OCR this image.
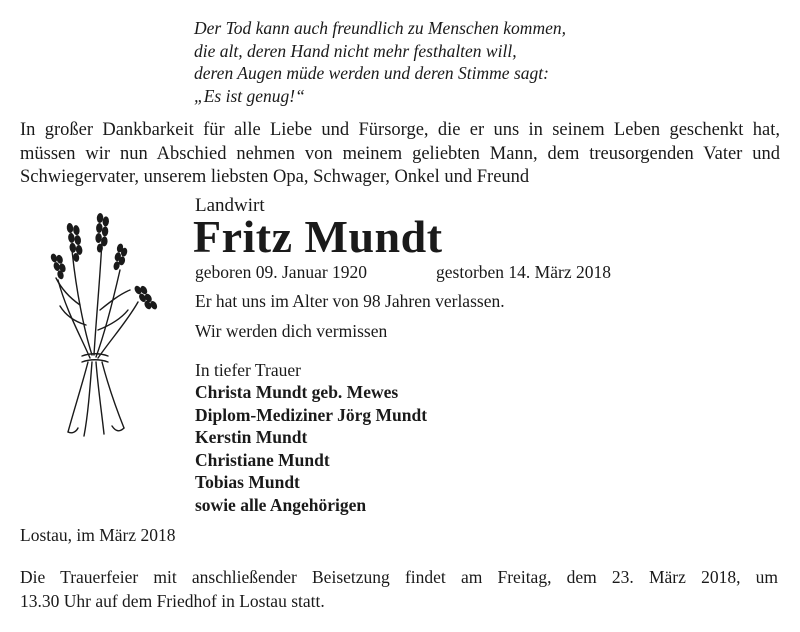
Der Tod kann auch freundlich zu Menschen kommen,
die alt, deren Hand nicht mehr festhalten will,
deren Augen müde werden und deren Stimme sagt:
„Es ist genug!“
In großer Dankbarkeit für alle Liebe und Fürsorge, die er uns in seinem Leben geschenkt hat,
müssen wir nun Abschied nehmen von meinem geliebten Mann, dem treusorgenden Vater und
Schwiegervater, unserem liebsten Opa, Schwager, Onkel und Freund
Landwirt
Fritz Mundt
geboren 09. Januar 1920	gestorben 14. März 2018
Er hat uns im Alter von 98 Jahren verlassen.
Wir werden dich vermissen
In tiefer Trauer
Christa Mundt geb. Mewes
Diplom-Mediziner Jörg Mundt
Kerstin Mundt
Christiane Mundt
Tobias Mundt
sowie alle Angehörigen
Lostau, im März 2018
Die Trauerfeier mit anschließender Beisetzung findet am Freitag, dem 23. März 2018, um
13.30 Uhr auf dem Friedhof in Lostau statt.
